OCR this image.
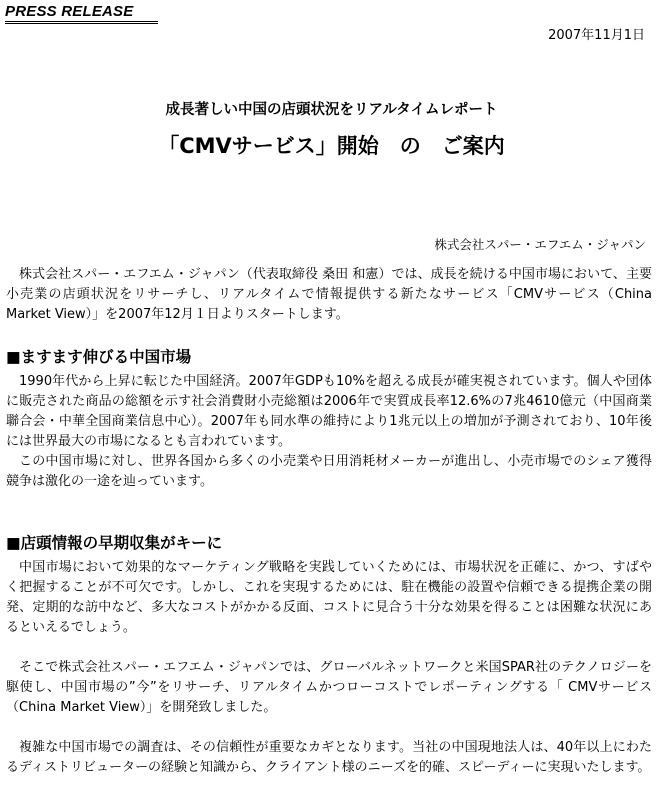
PRESS RELEASE
2007年11月1日
成長著しい中国の店頭状況をリアルタイムレポート
「CMVサービス」開始　の　ご案内
株式会社スパー・エフエム・ジャパン

株式会社スパー・エフエム・ジャパン（代表取締役 桑田 和憲）では、成長を続ける中国市場において、主要小売業の店頭状況をリサーチし、リアルタイムで情報提供する新たなサービス「CMVサービス（China Market View）」を2007年12月１日よりスタートします。

■ますます伸びる中国市場

1990年代から上昇に転じた中国経済。2007年GDPも10%を超える成長が確実視されています。個人や団体に販売された商品の総額を示す社会消費財小売総額は2006年で実質成長率12.6%の7兆4610億元（中国商業聯合会・中華全国商業信息中心）。2007年も同水準の維持により1兆元以上の増加が予測されており、10年後には世界最大の市場になるとも言われています。

この中国市場に対し、世界各国から多くの小売業や日用消耗材メーカーが進出し、小売市場でのシェア獲得競争は激化の一途を辿っています。

■店頭情報の早期収集がキーに

中国市場において効果的なマーケティング戦略を実践していくためには、市場状況を正確に、かつ、すばやく把握することが不可欠です。しかし、これを実現するためには、駐在機能の設置や信頼できる提携企業の開発、定期的な訪中など、多大なコストがかかる反面、コストに見合う十分な効果を得ることは困難な状況にあるといえるでしょう。

そこで株式会社スパー・エフエム・ジャパンでは、グローバルネットワークと米国SPAR社のテクノロジーを駆使し、中国市場の”今”をリサーチ、リアルタイムかつローコストでレポーティングする「 CMVサービス（China Market View）」を開発致しました。

複雑な中国市場での調査は、その信頼性が重要なカギとなります。当社の中国現地法人は、40年以上にわたるディストリビューターの経験と知識から、クライアント様のニーズを的確、スピーディーに実現いたします。
